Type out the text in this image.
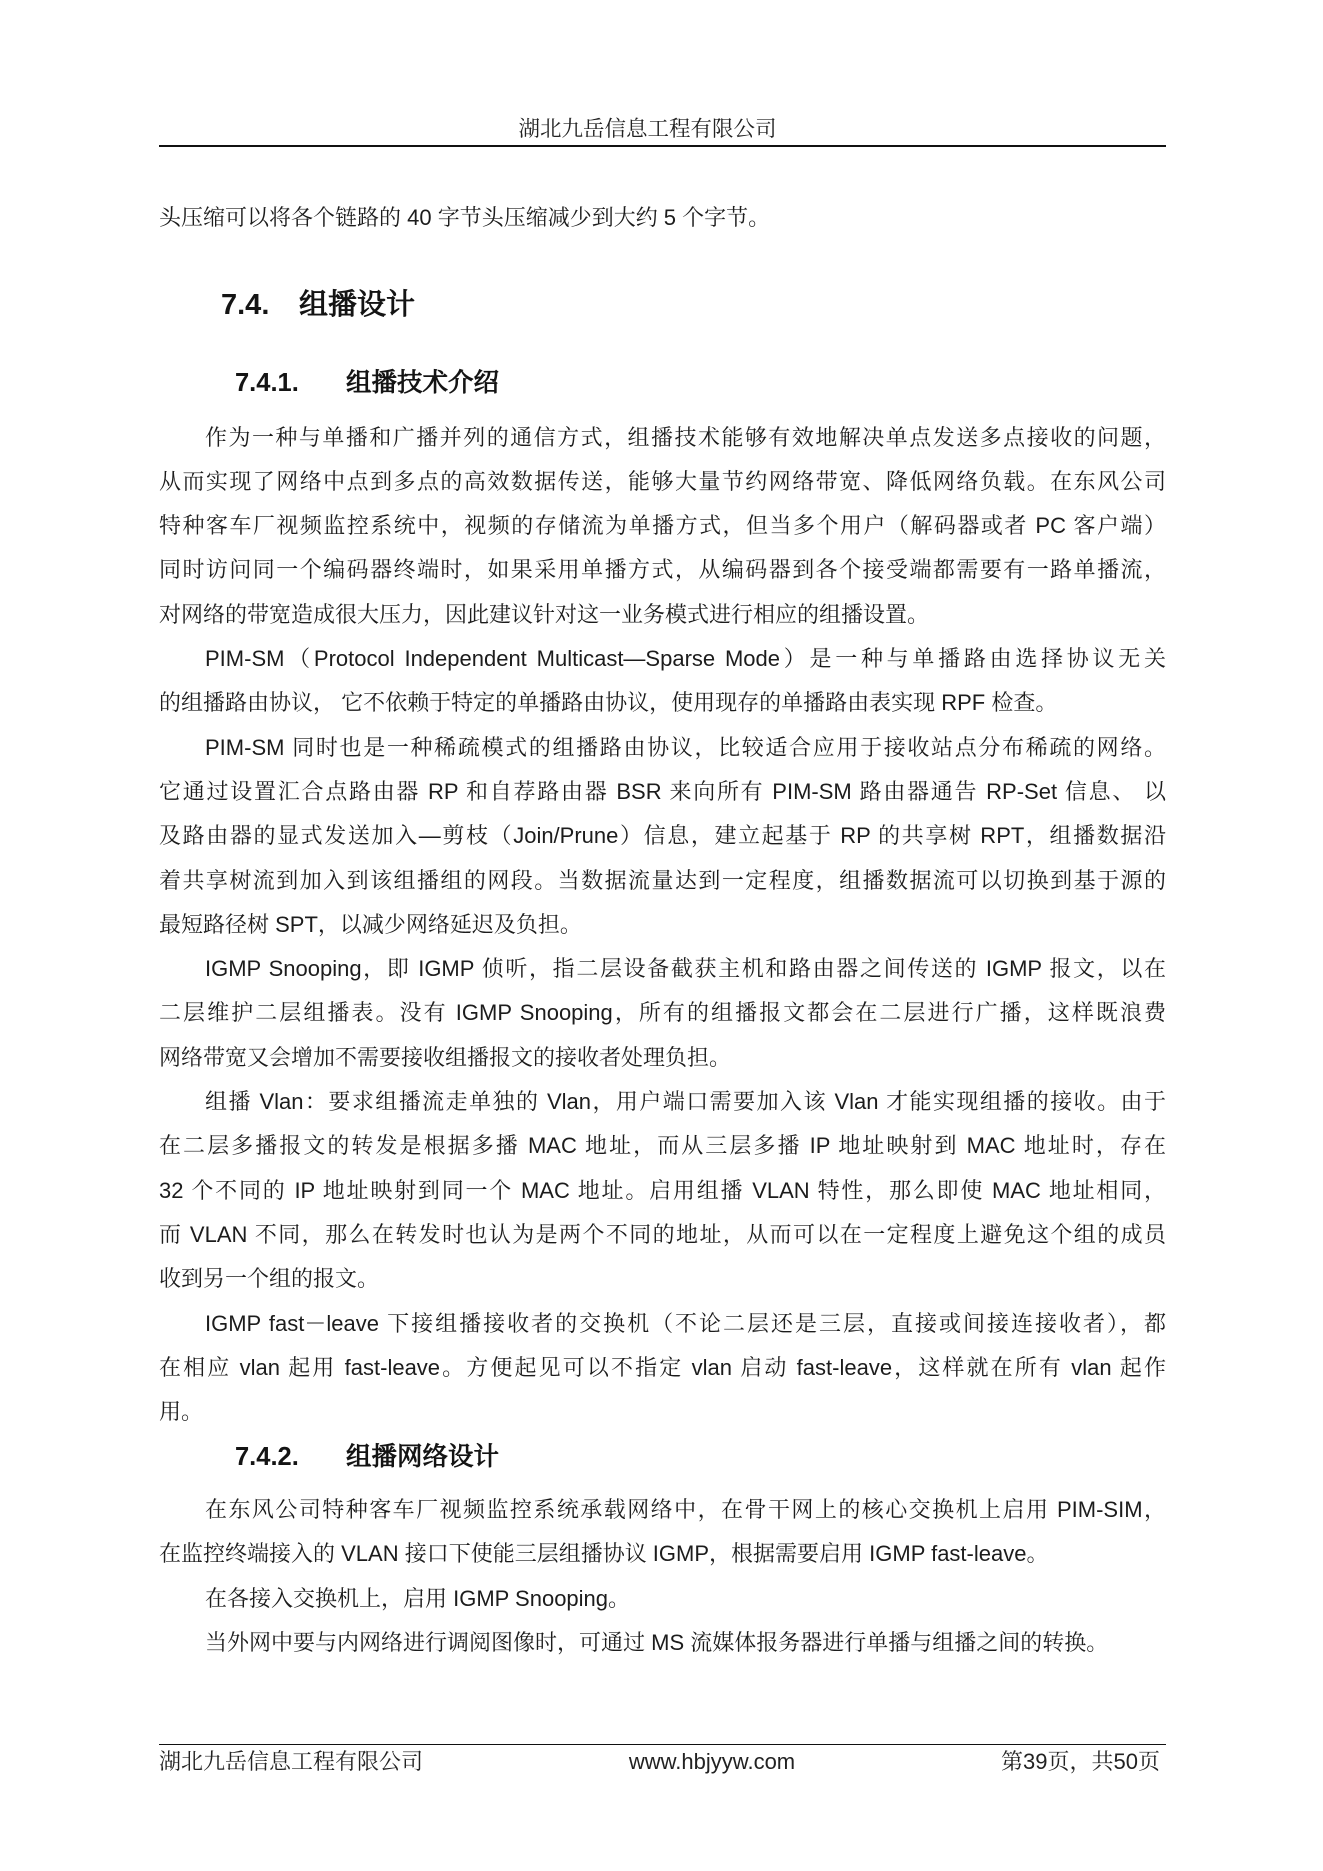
湖北九岳信息工程有限公司
头压缩可以将各个链路的 40 字节头压缩减少到大约 5 个字节。
7.4. 组播设计
7.4.1. 组播技术介绍
作为一种与单播和广播并列的通信方式，组播技术能够有效地解决单点发送多点接收的问题，
从而实现了网络中点到多点的高效数据传送，能够大量节约网络带宽、降低网络负载。在东风公司
特种客车厂视频监控系统中，视频的存储流为单播方式，但当多个用户（解码器或者 PC 客户端）
同时访问同一个编码器终端时，如果采用单播方式，从编码器到各个接受端都需要有一路单播流，
对网络的带宽造成很大压力，因此建议针对这一业务模式进行相应的组播设置。
PIM-SM（Protocol Independent Multicast—Sparse Mode）是一种与单播路由选择协议无关
的组播路由协议， 它不依赖于特定的单播路由协议，使用现存的单播路由表实现 RPF 检查。
PIM-SM 同时也是一种稀疏模式的组播路由协议，比较适合应用于接收站点分布稀疏的网络。
它通过设置汇合点路由器 RP 和自荐路由器 BSR 来向所有 PIM-SM 路由器通告 RP-Set 信息、 以
及路由器的显式发送加入—剪枝（Join/Prune）信息，建立起基于 RP 的共享树 RPT，组播数据沿
着共享树流到加入到该组播组的网段。当数据流量达到一定程度，组播数据流可以切换到基于源的
最短路径树 SPT，以减少网络延迟及负担。
IGMP Snooping，即 IGMP 侦听，指二层设备截获主机和路由器之间传送的 IGMP 报文，以在
二层维护二层组播表。没有 IGMP Snooping，所有的组播报文都会在二层进行广播，这样既浪费
网络带宽又会增加不需要接收组播报文的接收者处理负担。
组播 Vlan：要求组播流走单独的 Vlan，用户端口需要加入该 Vlan 才能实现组播的接收。由于
在二层多播报文的转发是根据多播 MAC 地址，而从三层多播 IP 地址映射到 MAC 地址时，存在
32 个不同的 IP 地址映射到同一个 MAC 地址。启用组播 VLAN 特性，那么即使 MAC 地址相同，
而 VLAN 不同，那么在转发时也认为是两个不同的地址，从而可以在一定程度上避免这个组的成员
收到另一个组的报文。
IGMP fast－leave 下接组播接收者的交换机（不论二层还是三层，直接或间接连接收者），都
在相应 vlan 起用 fast-leave。方便起见可以不指定 vlan 启动 fast-leave，这样就在所有 vlan 起作
用。
7.4.2. 组播网络设计
在东风公司特种客车厂视频监控系统承载网络中，在骨干网上的核心交换机上启用 PIM-SIM，
在监控终端接入的 VLAN 接口下使能三层组播协议 IGMP，根据需要启用 IGMP fast-leave。
在各接入交换机上，启用 IGMP Snooping。
当外网中要与内网络进行调阅图像时，可通过 MS 流媒体报务器进行单播与组播之间的转换。
湖北九岳信息工程有限公司	www.hbjyyw.com	第39页，共50页
